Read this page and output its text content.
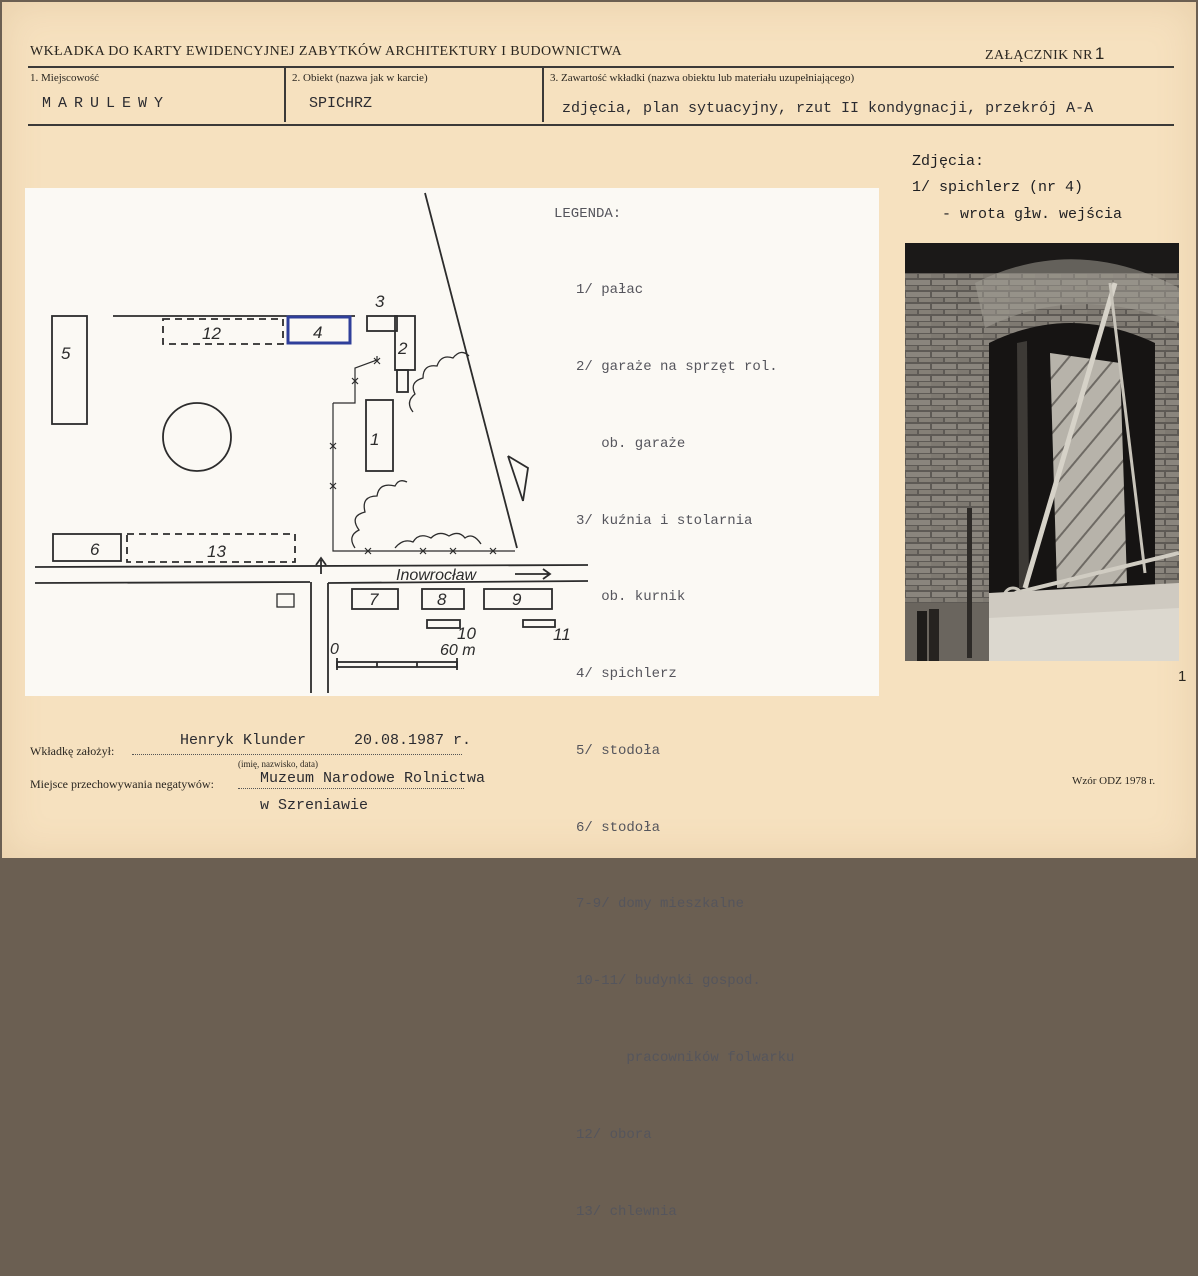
WKŁADKA DO KARTY EWIDENCYJNEJ ZABYTKÓW ARCHITEKTURY I BUDOWNICTWA	ZAŁĄCZNIK NR 1
1. Miejscowość
MARULEWY
2. Obiekt (nazwa jak w karcie)
SPICHRZ
3. Zawartość wkładki (nazwa obiektu lub materiału uzupełniającego)
zdjęcia, plan sytuacyjny, rzut II kondygnacji, przekrój A-A
5
12	4
3
2
1
6	13
7	8	9
10	11
Inowrocław
0	60 m
LEGENDA:

1/ pałac

2/ garaże na sprzęt rol.

ob. garaże

3/ kuźnia i stolarnia

ob. kurnik

4/ spichlerz

5/ stodoła

6/ stodoła

7-9/ domy mieszkalne

10-11/ budynki gospod.

pracowników folwarku

12/ obora

13/ chlewnia

Zdjęcia:
1/ spichlerz (nr 4)
- wrota głw. wejścia
1
Wkładkę założył:
Henryk Klunder	20.08.1987 r.
(imię, nazwisko, data)
Miejsce przechowywania negatywów:	Muzeum Narodowe Rolnictwa
w Szreniawie
Wzór ODZ 1978 r.
